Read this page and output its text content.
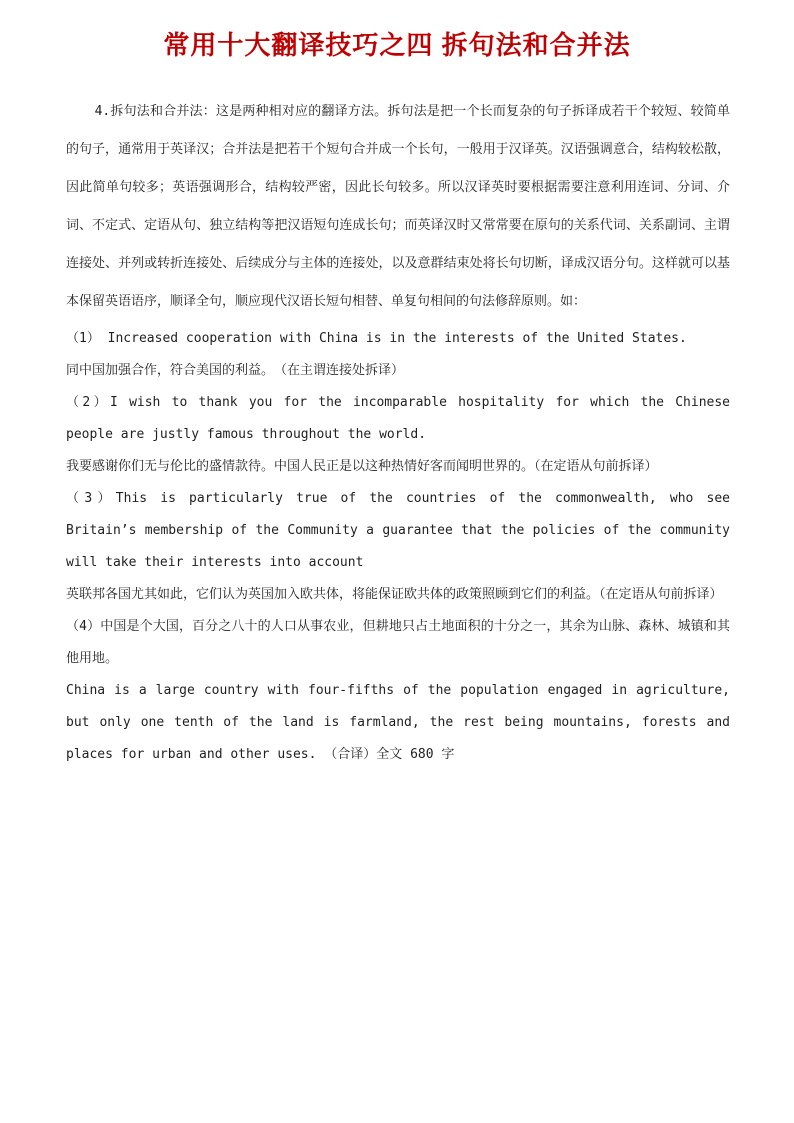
常用十大翻译技巧之四 拆句法和合并法

4.拆句法和合并法：这是两种相对应的翻译方法。拆句法是把一个长而复杂的句子拆译成若干个较短、较简单的句子，通常用于英译汉；合并法是把若干个短句合并成一个长句，一般用于汉译英。汉语强调意合，结构较松散，因此简单句较多；英语强调形合，结构较严密，因此长句较多。所以汉译英时要根据需要注意利用连词、分词、介词、不定式、定语从句、独立结构等把汉语短句连成长句；而英译汉时又常常要在原句的关系代词、关系副词、主谓连接处、并列或转折连接处、后续成分与主体的连接处，以及意群结束处将长句切断，译成汉语分句。这样就可以基本保留英语语序，顺译全句，顺应现代汉语长短句相替、单复句相间的句法修辞原则。如：

（1） Increased cooperation with China is in the interests of the United States.

同中国加强合作，符合美国的利益。　（在主谓连接处拆译）

（2）I wish to thank you for the incomparable hospitality for which the Chinese people are justly famous throughout the world.

我要感谢你们无与伦比的盛情款待。中国人民正是以这种热情好客而闻明世界的。（在定语从句前拆译）

（3）This is particularly true of the countries of the commonwealth, who see Britain’s membership of the Community a guarantee that the policies of the community will take their interests into account

英联邦各国尤其如此，它们认为英国加入欧共体，将能保证欧共体的政策照顾到它们的利益。（在定语从句前拆译）

（4）中国是个大国，百分之八十的人口从事农业，但耕地只占土地面积的十分之一，其余为山脉、森林、城镇和其他用地。

China is a large country with four-fifths of the population engaged in agriculture, but only one tenth of the land is farmland, the rest being mountains, forests and places for urban and other uses. （合译）全文 680 字
